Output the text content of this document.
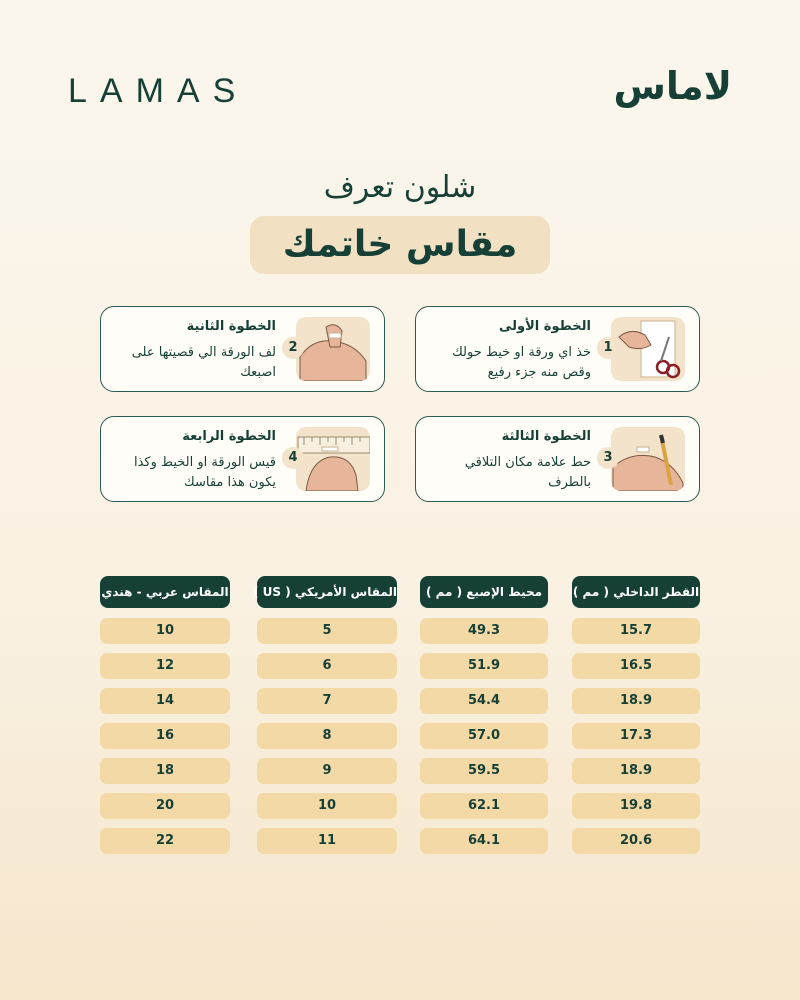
LAMAS	لاماس
شلون تعرف
مقاس خاتمك
1
الخطوة الأولى
خذ اي ورقة او خيط حولك وقص منه جزء رفيع
2
الخطوة الثانية
لف الورقة الي قصيتها على اصبعك
3
الخطوة الثالثة
حط علامة مكان التلاقي بالطرف
4
الخطوة الرابعة
قيس الورقة او الخيط وكذا يكون هذا مقاسك
القطر الداخلي ( مم )
محيط الإصبع ( مم )
المقاس الأمريكي ( US )
المقاس عربي - هندي
15.7
16.5
18.9
17.3
18.9
19.8
20.6
49.3
51.9
54.4
57.0
59.5
62.1
64.1
5
6
7
8
9
10
11
10
12
14
16
18
20
22
